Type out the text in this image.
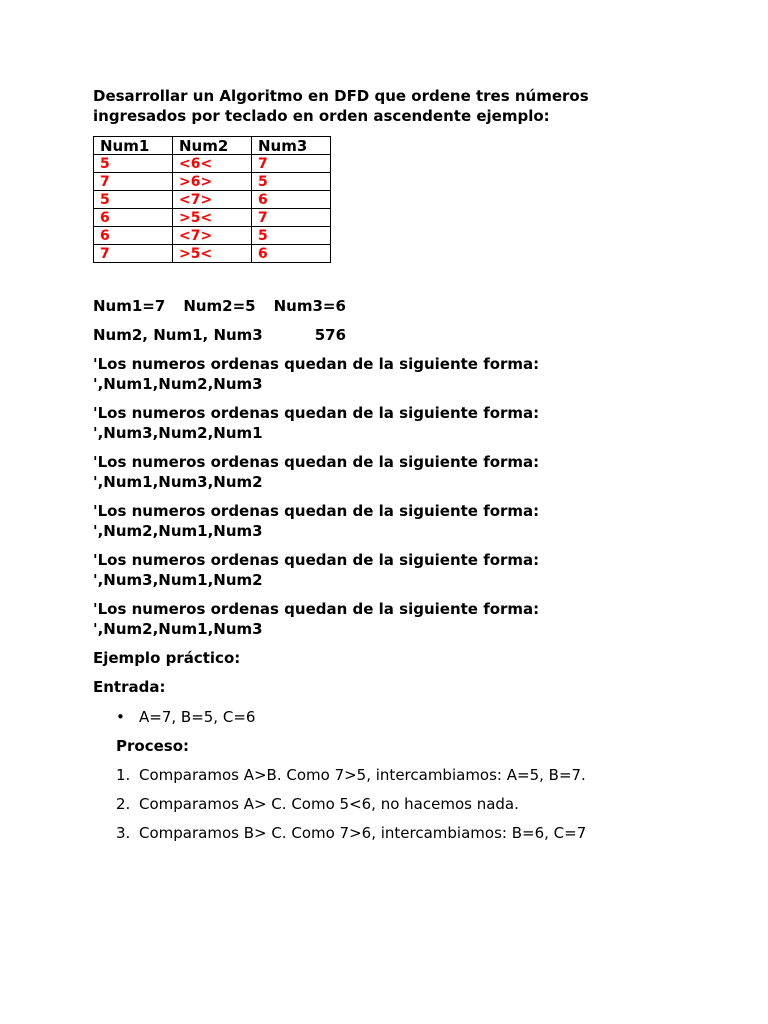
Desarrollar un Algoritmo en DFD que ordene tres números
ingresados por teclado en orden ascendente ejemplo:

Num1	Num2	Num3
5	<6<	7
7	>6>	5
5	<7>	6
6	>5<	7
6	<7>	5
7	>5<	6

Num1=7 Num2=5 Num3=6

Num2, Num1, Num3	576

'Los numeros ordenas quedan de la siguiente forma:
',Num1,Num2,Num3
'Los numeros ordenas quedan de la siguiente forma:
',Num3,Num2,Num1
'Los numeros ordenas quedan de la siguiente forma:
',Num1,Num3,Num2
'Los numeros ordenas quedan de la siguiente forma:
',Num2,Num1,Num3
'Los numeros ordenas quedan de la siguiente forma:
',Num3,Num1,Num2
'Los numeros ordenas quedan de la siguiente forma:
',Num2,Num1,Num3

Ejemplo práctico:

Entrada:

• A=7, B=5, C=6
Proceso:
1. Comparamos A>B. Como 7>5, intercambiamos: A=5, B=7.
2. Comparamos A> C. Como 5<6, no hacemos nada.
3. Comparamos B> C. Como 7>6, intercambiamos: B=6, C=7
